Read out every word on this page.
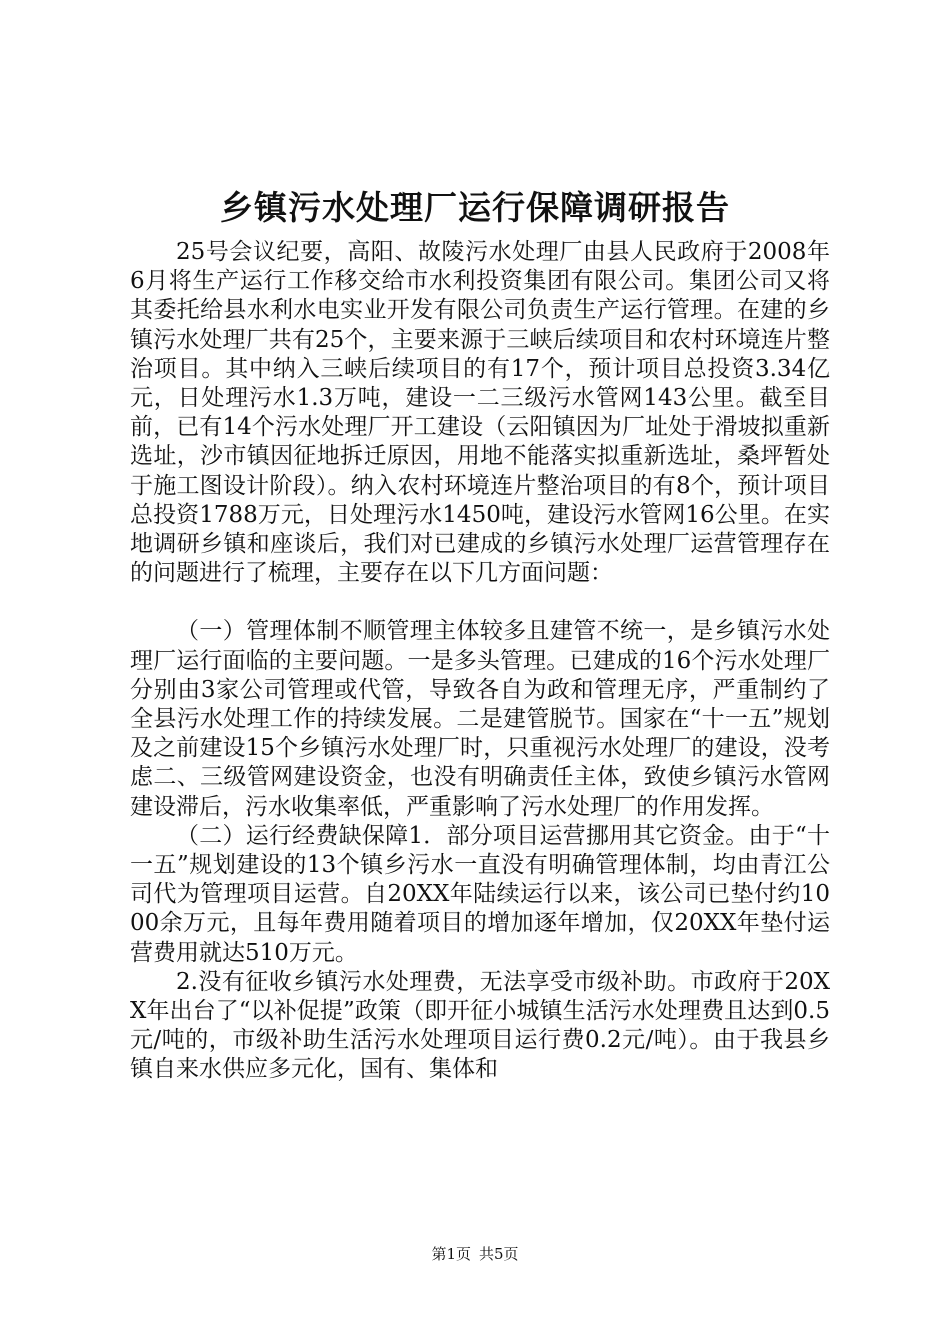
乡镇污水处理厂运行保障调研报告

25号会议纪要，高阳、故陵污水处理厂由县人民政府于2008年6月将生产运行工作移交给市水利投资集团有限公司。集团公司又将其委托给县水利水电实业开发有限公司负责生产运行管理。在建的乡镇污水处理厂共有25个，主要来源于三峡后续项目和农村环境连片整治项目。其中纳入三峡后续项目的有17个，预计项目总投资3.34亿元，日处理污水1.3万吨，建设一二三级污水管网143公里。截至目前，已有14个污水处理厂开工建设（云阳镇因为厂址处于滑坡拟重新选址，沙市镇因征地拆迁原因，用地不能落实拟重新选址，桑坪暂处于施工图设计阶段）。纳入农村环境连片整治项目的有8个，预计项目总投资1788万元，日处理污水1450吨，建设污水管网16公里。在实地调研乡镇和座谈后，我们对已建成的乡镇污水处理厂运营管理存在的问题进行了梳理，主要存在以下几方面问题：

（一）管理体制不顺管理主体较多且建管不统一，是乡镇污水处理厂运行面临的主要问题。一是多头管理。已建成的16个污水处理厂分别由3家公司管理或代管，导致各自为政和管理无序，严重制约了全县污水处理工作的持续发展。二是建管脱节。国家在“十一五”规划及之前建设15个乡镇污水处理厂时，只重视污水处理厂的建设，没考虑二、三级管网建设资金，也没有明确责任主体，致使乡镇污水管网建设滞后，污水收集率低，严重影响了污水处理厂的作用发挥。

（二）运行经费缺保障1．部分项目运营挪用其它资金。由于“十一五”规划建设的13个镇乡污水一直没有明确管理体制，均由青江公司代为管理项目运营。自20XX年陆续运行以来，该公司已垫付约1000余万元，且每年费用随着项目的增加逐年增加，仅20XX年垫付运营费用就达510万元。

2.没有征收乡镇污水处理费，无法享受市级补助。市政府于20XX年出台了“以补促提”政策（即开征小城镇生活污水处理费且达到0.5元/吨的，市级补助生活污水处理项目运行费0.2元/吨）。由于我县乡镇自来水供应多元化，国有、集体和

第1页 共5页
